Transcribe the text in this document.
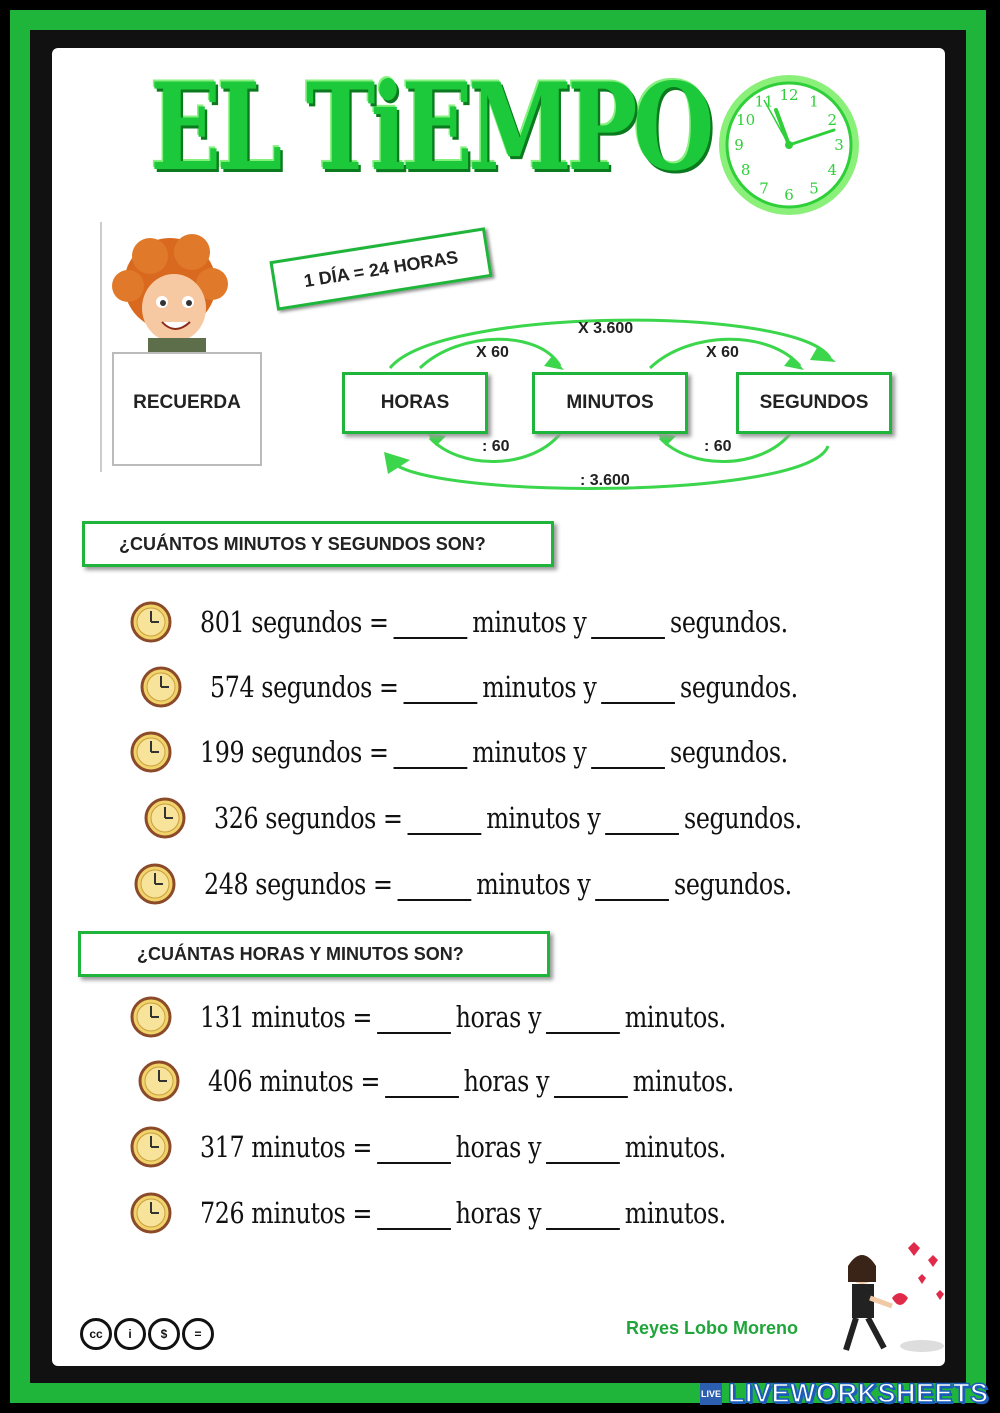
EL TiEMPO	12 1
2
3
4
5
6
7
8
9
10
11
RECUERDA
1 DÍA = 24 HORAS
HORAS	MINUTOS	SEGUNDOS
X 3.600
X 60	X 60
: 60	: 60
: 3.600
¿CUÁNTOS MINUTOS Y SEGUNDOS SON?
801 segundos =	minutos y	segundos.
574 segundos =	minutos y	segundos.
199 segundos =	minutos y	segundos.
326 segundos =	minutos y	segundos.
248 segundos =	minutos y	segundos.
¿CUÁNTAS HORAS Y MINUTOS SON?
131 minutos =	horas y	minutos.
406 minutos =	horas y	minutos.
317 minutos =	horas y	minutos.
726 minutos =	horas y	minutos.
cc	i	$	=	Reyes Lobo Moreno
LIVE LIVEWORKSHEETS
